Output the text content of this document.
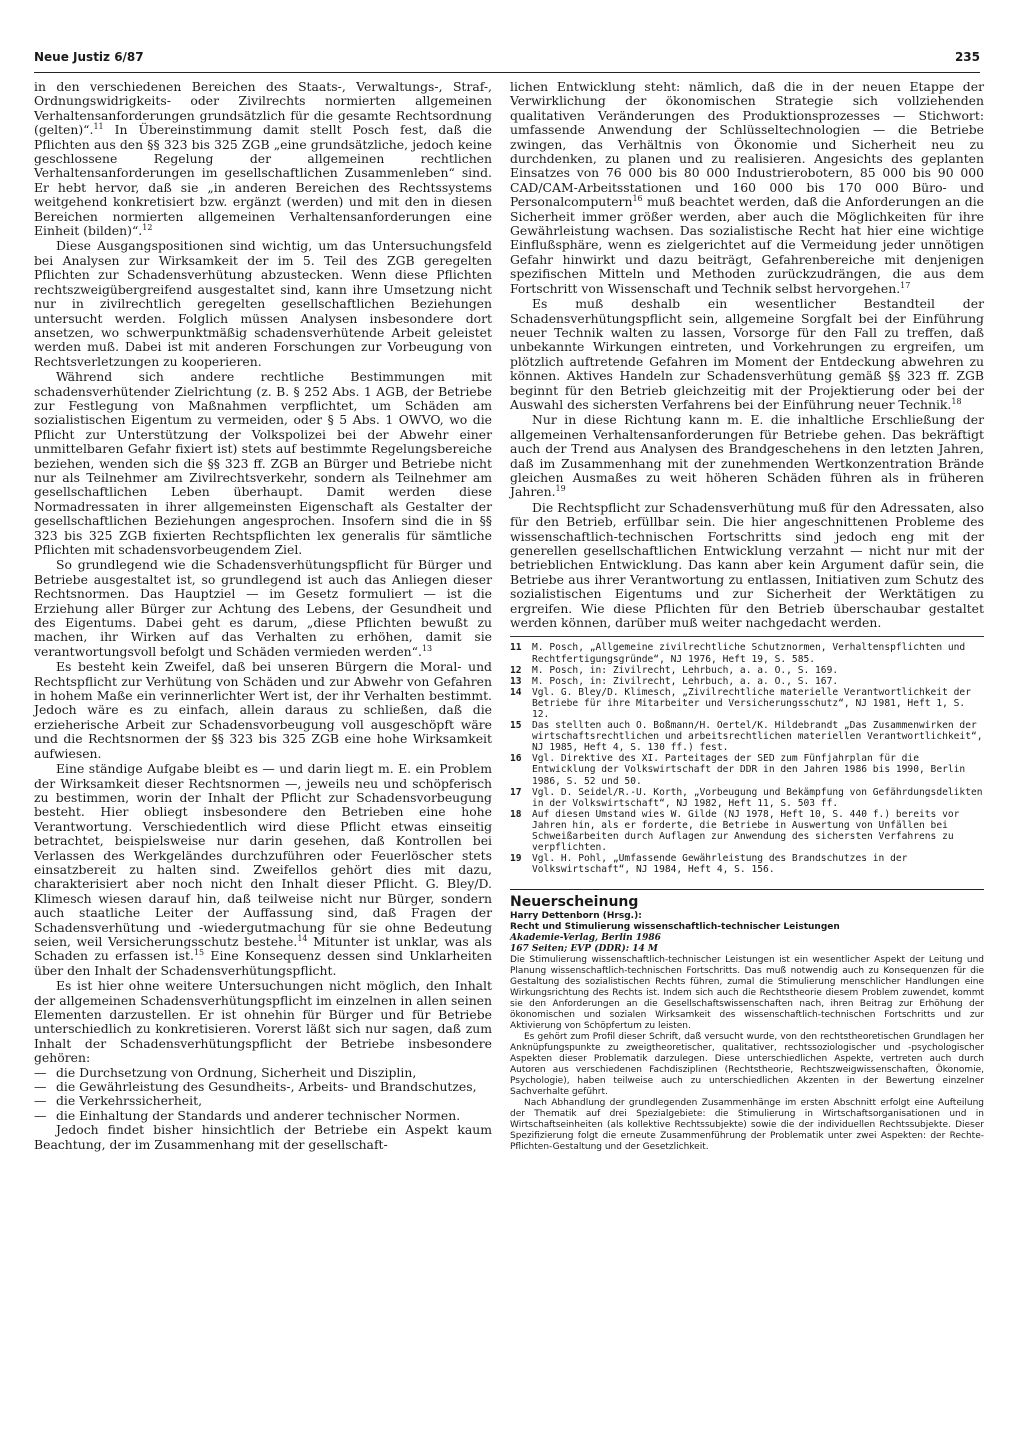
Neue Justiz 6/87	235

in den verschiedenen Bereichen des Staats-, Verwaltungs-, Straf-, Ordnungswidrigkeits- oder Zivilrechts normierten allgemeinen Verhaltensanforderungen grundsätzlich für die gesamte Rechtsordnung (gelten)“.$^{11}$ In Übereinstimmung damit stellt Posch fest, daß die Pflichten aus den §§ 323 bis 325 ZGB „eine grundsätzliche, jedoch keine geschlossene Regelung der allgemeinen rechtlichen Verhaltensanforderungen im gesellschaftlichen Zusammenleben“ sind. Er hebt hervor, daß sie „in anderen Bereichen des Rechtssystems weitgehend konkretisiert bzw. ergänzt (werden) und mit den in diesen Bereichen normierten allgemeinen Verhaltensanforderungen eine Einheit (bilden)“.$^{12}$

Diese Ausgangspositionen sind wichtig, um das Untersuchungsfeld bei Analysen zur Wirksamkeit der im 5. Teil des ZGB geregelten Pflichten zur Schadensverhütung abzustecken. Wenn diese Pflichten rechtszweigübergreifend ausgestaltet sind, kann ihre Umsetzung nicht nur in zivilrechtlich geregelten gesellschaftlichen Beziehungen untersucht werden. Folglich müssen Analysen insbesondere dort ansetzen, wo schwerpunktmäßig schadensverhütende Arbeit geleistet werden muß. Dabei ist mit anderen Forschungen zur Vorbeugung von Rechtsverletzungen zu kooperieren.

Während sich andere rechtliche Bestimmungen mit schadensverhütender Zielrichtung (z. B. § 252 Abs. 1 AGB, der Betriebe zur Festlegung von Maßnahmen verpflichtet, um Schäden am sozialistischen Eigentum zu vermeiden, oder § 5 Abs. 1 OWVO, wo die Pflicht zur Unterstützung der Volkspolizei bei der Abwehr einer unmittelbaren Gefahr fixiert ist) stets auf bestimmte Regelungsbereiche beziehen, wenden sich die §§ 323 ff. ZGB an Bürger und Betriebe nicht nur als Teilnehmer am Zivilrechtsverkehr, sondern als Teilnehmer am gesellschaftlichen Leben überhaupt. Damit werden diese Normadressaten in ihrer allgemeinsten Eigenschaft als Gestalter der gesellschaftlichen Beziehungen angesprochen. Insofern sind die in §§ 323 bis 325 ZGB fixierten Rechtspflichten lex generalis für sämtliche Pflichten mit schadensvorbeugendem Ziel.

So grundlegend wie die Schadensverhütungspflicht für Bürger und Betriebe ausgestaltet ist, so grundlegend ist auch das Anliegen dieser Rechtsnormen. Das Hauptziel — im Gesetz formuliert — ist die Erziehung aller Bürger zur Achtung des Lebens, der Gesundheit und des Eigentums. Dabei geht es darum, „diese Pflichten bewußt zu machen, ihr Wirken auf das Verhalten zu erhöhen, damit sie verantwortungsvoll befolgt und Schäden vermieden werden“.$^{13}$

Es besteht kein Zweifel, daß bei unseren Bürgern die Moral- und Rechtspflicht zur Verhütung von Schäden und zur Abwehr von Gefahren in hohem Maße ein verinnerlichter Wert ist, der ihr Verhalten bestimmt. Jedoch wäre es zu einfach, allein daraus zu schließen, daß die erzieherische Arbeit zur Schadensvorbeugung voll ausgeschöpft wäre und die Rechtsnormen der §§ 323 bis 325 ZGB eine hohe Wirksamkeit aufwiesen.

Eine ständige Aufgabe bleibt es — und darin liegt m. E. ein Problem der Wirksamkeit dieser Rechtsnormen —, jeweils neu und schöpferisch zu bestimmen, worin der Inhalt der Pflicht zur Schadensvorbeugung besteht. Hier obliegt insbesondere den Betrieben eine hohe Verantwortung. Verschiedentlich wird diese Pflicht etwas einseitig betrachtet, beispielsweise nur darin gesehen, daß Kontrollen bei Verlassen des Werkgeländes durchzuführen oder Feuerlöscher stets einsatzbereit zu halten sind. Zweifellos gehört dies mit dazu, charakterisiert aber noch nicht den Inhalt dieser Pflicht. G. Bley/D. Klimesch wiesen darauf hin, daß teilweise nicht nur Bürger, sondern auch staatliche Leiter der Auffassung sind, daß Fragen der Schadensverhütung und -wiedergutmachung für sie ohne Bedeutung seien, weil Versicherungsschutz bestehe.$^{14}$ Mitunter ist unklar, was als Schaden zu erfassen ist.$^{15}$ Eine Konsequenz dessen sind Unklarheiten über den Inhalt der Schadensverhütungspflicht.

Es ist hier ohne weitere Untersuchungen nicht möglich, den Inhalt der allgemeinen Schadensverhütungspflicht im einzelnen in allen seinen Elementen darzustellen. Er ist ohnehin für Bürger und für Betriebe unterschiedlich zu konkretisieren. Vorerst läßt sich nur sagen, daß zum Inhalt der Schadensverhütungspflicht der Betriebe insbesondere gehören:

— die Durchsetzung von Ordnung, Sicherheit und Disziplin,
— die Gewährleistung des Gesundheits-, Arbeits- und Brandschutzes,
— die Verkehrssicherheit,
— die Einhaltung der Standards und anderer technischer Normen.

Jedoch findet bisher hinsichtlich der Betriebe ein Aspekt kaum Beachtung, der im Zusammenhang mit der gesellschaft-

lichen Entwicklung steht: nämlich, daß die in der neuen Etappe der Verwirklichung der ökonomischen Strategie sich vollziehenden qualitativen Veränderungen des Produktionsprozesses — Stichwort: umfassende Anwendung der Schlüsseltechnologien — die Betriebe zwingen, das Verhältnis von Ökonomie und Sicherheit neu zu durchdenken, zu planen und zu realisieren. Angesichts des geplanten Einsatzes von 76 000 bis 80 000 Industrierobotern, 85 000 bis 90 000 CAD/CAM-Arbeitsstationen und 160 000 bis 170 000 Büro- und Personalcomputern$^{16}$ muß beachtet werden, daß die Anforderungen an die Sicherheit immer größer werden, aber auch die Möglichkeiten für ihre Gewährleistung wachsen. Das sozialistische Recht hat hier eine wichtige Einflußsphäre, wenn es zielgerichtet auf die Vermeidung jeder unnötigen Gefahr hinwirkt und dazu beiträgt, Gefahrenbereiche mit denjenigen spezifischen Mitteln und Methoden zurückzudrängen, die aus dem Fortschritt von Wissenschaft und Technik selbst hervorgehen.$^{17}$

Es muß deshalb ein wesentlicher Bestandteil der Schadensverhütungspflicht sein, allgemeine Sorgfalt bei der Einführung neuer Technik walten zu lassen, Vorsorge für den Fall zu treffen, daß unbekannte Wirkungen eintreten, und Vorkehrungen zu ergreifen, um plötzlich auftretende Gefahren im Moment der Entdeckung abwehren zu können. Aktives Handeln zur Schadensverhütung gemäß §§ 323 ff. ZGB beginnt für den Betrieb gleichzeitig mit der Projektierung oder bei der Auswahl des sichersten Verfahrens bei der Einführung neuer Technik.$^{18}$

Nur in diese Richtung kann m. E. die inhaltliche Erschließung der allgemeinen Verhaltensanforderungen für Betriebe gehen. Das bekräftigt auch der Trend aus Analysen des Brandgeschehens in den letzten Jahren, daß im Zusammenhang mit der zunehmenden Wertkonzentration Brände gleichen Ausmaßes zu weit höheren Schäden führen als in früheren Jahren.$^{19}$

Die Rechtspflicht zur Schadensverhütung muß für den Adressaten, also für den Betrieb, erfüllbar sein. Die hier angeschnittenen Probleme des wissenschaftlich-technischen Fortschritts sind jedoch eng mit der generellen gesellschaftlichen Entwicklung verzahnt — nicht nur mit der betrieblichen Entwicklung. Das kann aber kein Argument dafür sein, die Betriebe aus ihrer Verantwortung zu entlassen, Initiativen zum Schutz des sozialistischen Eigentums und zur Sicherheit der Werktätigen zu ergreifen. Wie diese Pflichten für den Betrieb überschaubar gestaltet werden können, darüber muß weiter nachgedacht werden.

11	M. Posch, „Allgemeine zivilrechtliche Schutznormen, Verhaltenspflichten und Rechtfertigungsgründe“, NJ 1976, Heft 19, S. 585.
12	M. Posch, in: Zivilrecht, Lehrbuch, a. a. O., S. 169.
13	M. Posch, in: Zivilrecht, Lehrbuch, a. a. O., S. 167.
14	Vgl. G. Bley/D. Klimesch, „Zivilrechtliche materielle Verantwortlichkeit der Betriebe für ihre Mitarbeiter und Versicherungsschutz“, NJ 1981, Heft 1, S. 12.
15	Das stellten auch O. Boßmann/H. Oertel/K. Hildebrandt „Das Zusammenwirken der wirtschaftsrechtlichen und arbeitsrechtlichen materiellen Verantwortlichkeit“, NJ 1985, Heft 4, S. 130 ff.) fest.
16	Vgl. Direktive des XI. Parteitages der SED zum Fünfjahrplan für die Entwicklung der Volkswirtschaft der DDR in den Jahren 1986 bis 1990, Berlin 1986, S. 52 und 50.
17	Vgl. D. Seidel/R.-U. Korth, „Vorbeugung und Bekämpfung von Gefährdungsdelikten in der Volkswirtschaft“, NJ 1982, Heft 11, S. 503 ff.
18	Auf diesen Umstand wies W. Gilde (NJ 1978, Heft 10, S. 440 f.) bereits vor Jahren hin, als er forderte, die Betriebe in Auswertung von Unfällen bei Schweißarbeiten durch Auflagen zur Anwendung des sichersten Verfahrens zu verpflichten.
19	Vgl. H. Pohl, „Umfassende Gewährleistung des Brandschutzes in der Volkswirtschaft“, NJ 1984, Heft 4, S. 156.
Neuerscheinung
Harry Dettenborn (Hrsg.):
Recht und Stimulierung wissenschaftlich-technischer Leistungen
Akademie-Verlag, Berlin 1986
167 Seiten; EVP (DDR): 14 M

Die Stimulierung wissenschaftlich-technischer Leistungen ist ein wesentlicher Aspekt der Leitung und Planung wissenschaftlich-technischen Fortschritts. Das muß notwendig auch zu Konsequenzen für die Gestaltung des sozialistischen Rechts führen, zumal die Stimulierung menschlicher Handlungen eine Wirkungsrichtung des Rechts ist. Indem sich auch die Rechtstheorie diesem Problem zuwendet, kommt sie den Anforderungen an die Gesellschaftswissenschaften nach, ihren Beitrag zur Erhöhung der ökonomischen und sozialen Wirksamkeit des wissenschaftlich-technischen Fortschritts und zur Aktivierung von Schöpfertum zu leisten.

Es gehört zum Profil dieser Schrift, daß versucht wurde, von den rechtstheoretischen Grundlagen her Anknüpfungspunkte zu zweigtheoretischer, qualitativer, rechtssoziologischer und -psychologischer Aspekten dieser Problematik darzulegen. Diese unterschiedlichen Aspekte, vertreten auch durch Autoren aus verschiedenen Fachdisziplinen (Rechtstheorie, Rechtszweigwissenschaften, Ökonomie, Psychologie), haben teilweise auch zu unterschiedlichen Akzenten in der Bewertung einzelner Sachverhalte geführt.

Nach Abhandlung der grundlegenden Zusammenhänge im ersten Abschnitt erfolgt eine Aufteilung der Thematik auf drei Spezialgebiete: die Stimulierung in Wirtschaftsorganisationen und in Wirtschaftseinheiten (als kollektive Rechtssubjekte) sowie die der individuellen Rechtssubjekte. Dieser Spezifizierung folgt die erneute Zusammenführung der Problematik unter zwei Aspekten: der Rechte-Pflichten-Gestaltung und der Gesetzlichkeit.
